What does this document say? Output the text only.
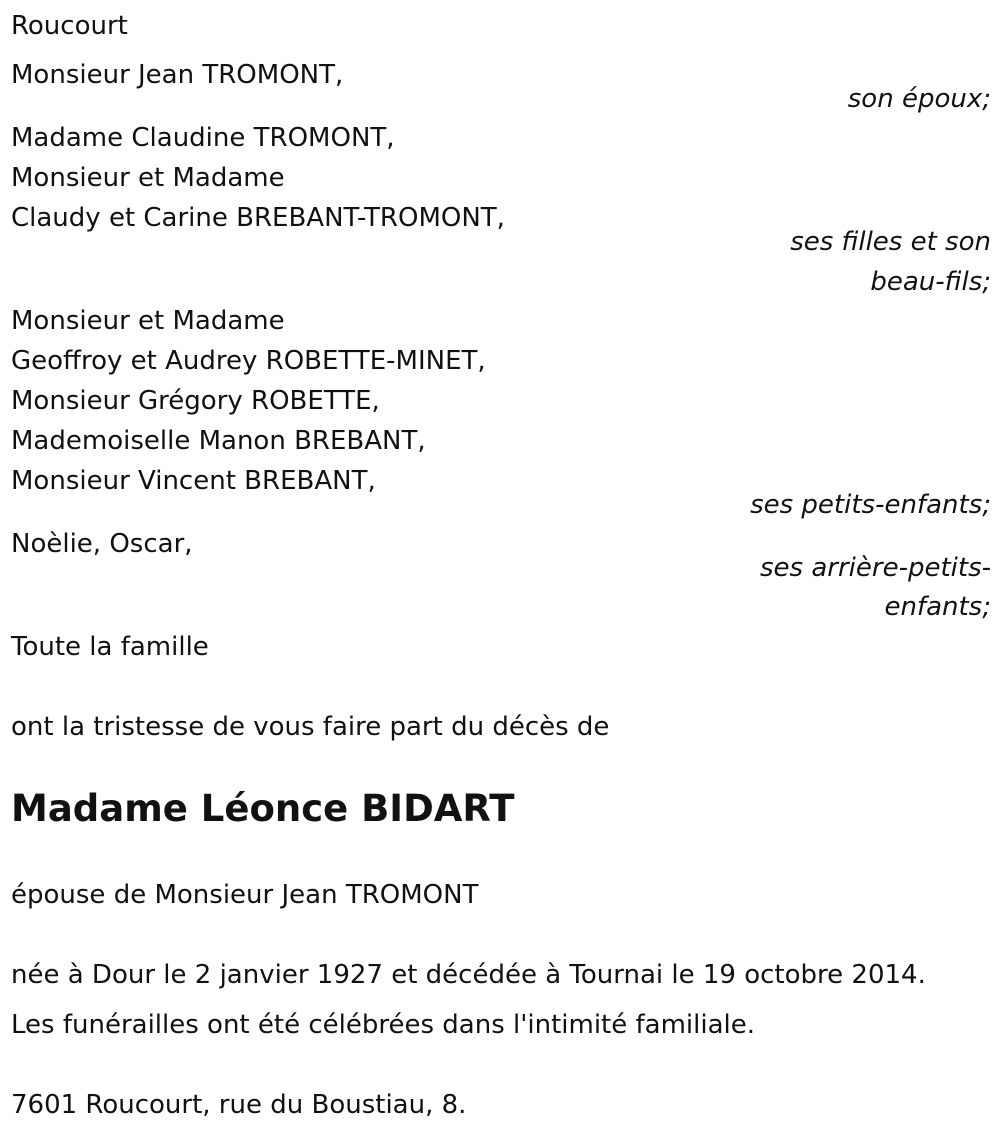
Roucourt

Monsieur Jean TROMONT,

son époux;

Madame Claudine TROMONT,

Monsieur et Madame

Claudy et Carine BREBANT-TROMONT,

ses filles et son

beau-fils;

Monsieur et Madame

Geoffroy et Audrey ROBETTE-MINET,

Monsieur Grégory ROBETTE,

Mademoiselle Manon BREBANT,

Monsieur Vincent BREBANT,

ses petits-enfants;

Noèlie, Oscar,

ses arrière-petits-

enfants;

Toute la famille

ont la tristesse de vous faire part du décès de

Madame Léonce BIDART

épouse de Monsieur Jean TROMONT

née à Dour le 2 janvier 1927 et décédée à Tournai le 19 octobre 2014.

Les funérailles ont été célébrées dans l'intimité familiale.

7601 Roucourt, rue du Boustiau, 8.
